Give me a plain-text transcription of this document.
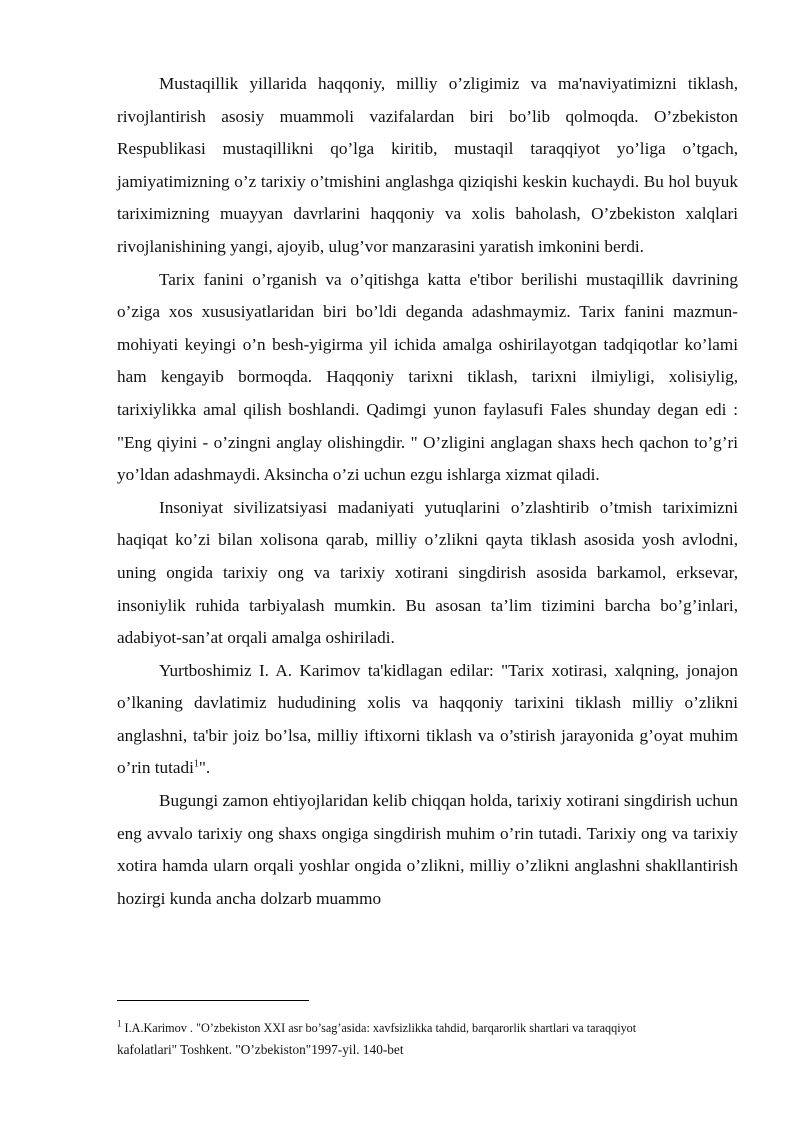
Mustaqillik yillarida haqqoniy, milliy o’zligimiz va ma'naviyatimizni tiklash, rivojlantirish asosiy muammoli vazifalardan biri bo’lib qolmoqda. O’zbekiston Respublikasi mustaqillikni qo’lga kiritib, mustaqil taraqqiyot yo’liga o’tgach, jamiyatimizning o’z tarixiy o’tmishini anglashga qiziqishi keskin kuchaydi. Bu hol buyuk tariximizning muayyan davrlarini haqqoniy va xolis baholash, O’zbekiston xalqlari rivojlanishining yangi, ajoyib, ulug’vor manzarasini yaratish imkonini berdi.

Tarix fanini o’rganish va o’qitishga katta e'tibor berilishi mustaqillik davrining o’ziga xos xususiyatlaridan biri bo’ldi deganda adashmaymiz. Tarix fanini mazmun-mohiyati keyingi o’n besh-yigirma yil ichida amalga oshirilayotgan tadqiqotlar ko’lami ham kengayib bormoqda. Haqqoniy tarixni tiklash, tarixni ilmiyligi, xolisiylig, tarixiylikka amal qilish boshlandi. Qadimgi yunon faylasufi Fales shunday degan edi : "Eng qiyini - o’zingni anglay olishingdir. " O’zligini anglagan shaxs hech qachon to’g’ri yo’ldan adashmaydi. Aksincha o’zi uchun ezgu ishlarga xizmat qiladi.

Insoniyat sivilizatsiyasi madaniyati yutuqlarini o’zlashtirib o’tmish tariximizni haqiqat ko’zi bilan xolisona qarab, milliy o’zlikni qayta tiklash asosida yosh avlodni, uning ongida tarixiy ong va tarixiy xotirani singdirish asosida barkamol, erksevar, insoniylik ruhida tarbiyalash mumkin. Bu asosan ta’lim tizimini barcha bo’g’inlari, adabiyot-san’at orqali amalga oshiriladi.

Yurtboshimiz I. A. Karimov ta'kidlagan edilar: "Tarix xotirasi, xalqning, jonajon o’lkaning davlatimiz hududining xolis va haqqoniy tarixini tiklash milliy o’zlikni anglashni, ta'bir joiz bo’lsa, milliy iftixorni tiklash va o’stirish jarayonida g’oyat muhim o’rin tutadi$^1$".

Bugungi zamon ehtiyojlaridan kelib chiqqan holda, tarixiy xotirani singdirish uchun eng avvalo tarixiy ong shaxs ongiga singdirish muhim o’rin tutadi. Tarixiy ong va tarixiy xotira hamda ularn orqali yoshlar ongida o’zlikni, milliy o’zlikni anglashni shakllantirish hozirgi kunda ancha dolzarb muammo

$^1$ I.A.Karimov . "O’zbekiston XXI asr bo’sag’asida: xavfsizlikka tahdid, barqarorlik shartlari va taraqqiyot
kafolatlari" Toshkent. "O’zbekiston"1997-yil. 140-bet
